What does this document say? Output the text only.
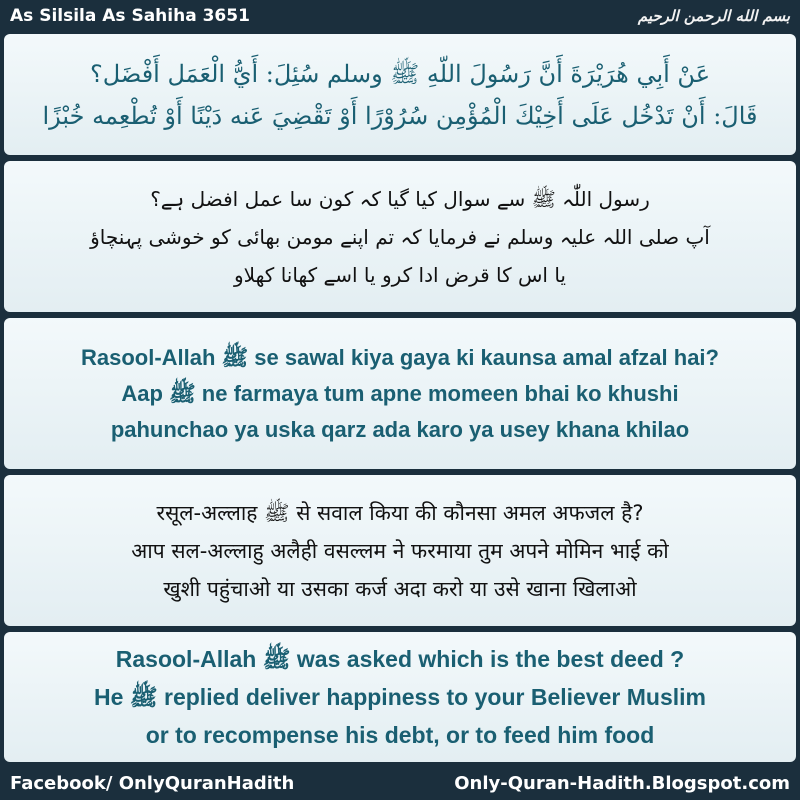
As Silsila As Sahiha 3651	بسم الله الرحمن الرحيم
عَنْ أَبِي هُرَيْرَةَ أَنَّ رَسُولَ اللّهِ ﷺ وسلم سُئِلَ: أَيُّ الْعَمَل أَفْضَل؟
قَالَ: أَنْ تَدْخُل عَلَى أَخِيْكَ الْمُؤْمِن سُرُوْرًا أَوْ تَقْضِيَ عَنه دَيْنًا أَوْ تُطْعِمه خُبْزًا
رسول اللّٰہ ﷺ سے سوال کیا گیا کہ کون سا عمل افضل ہے؟
آپ صلی اللہ علیہ وسلم نے فرمایا کہ تم اپنے مومن بھائی کو خوشی پہنچاؤ
یا اس کا قرض ادا کرو یا اسے کھانا کھلاو
Rasool-Allah ﷺ se sawal kiya gaya ki kaunsa amal afzal hai?
Aap ﷺ ne farmaya tum apne momeen bhai ko khushi
pahunchao ya uska qarz ada karo ya usey khana khilao
रसूल-अल्लाह ﷺ से सवाल किया की कौनसा अमल अफजल है?
आप सल-अल्लाहु अलैही वसल्लम ने फरमाया तुम अपने मोमिन भाई को
खुशी पहुंचाओ या उसका कर्ज अदा करो या उसे खाना खिलाओ
Rasool-Allah ﷺ was asked which is the best deed ?
He ﷺ replied deliver happiness to your Believer Muslim
or to recompense his debt, or to feed him food
Facebook/ OnlyQuranHadith	Only-Quran-Hadith.Blogspot.com
